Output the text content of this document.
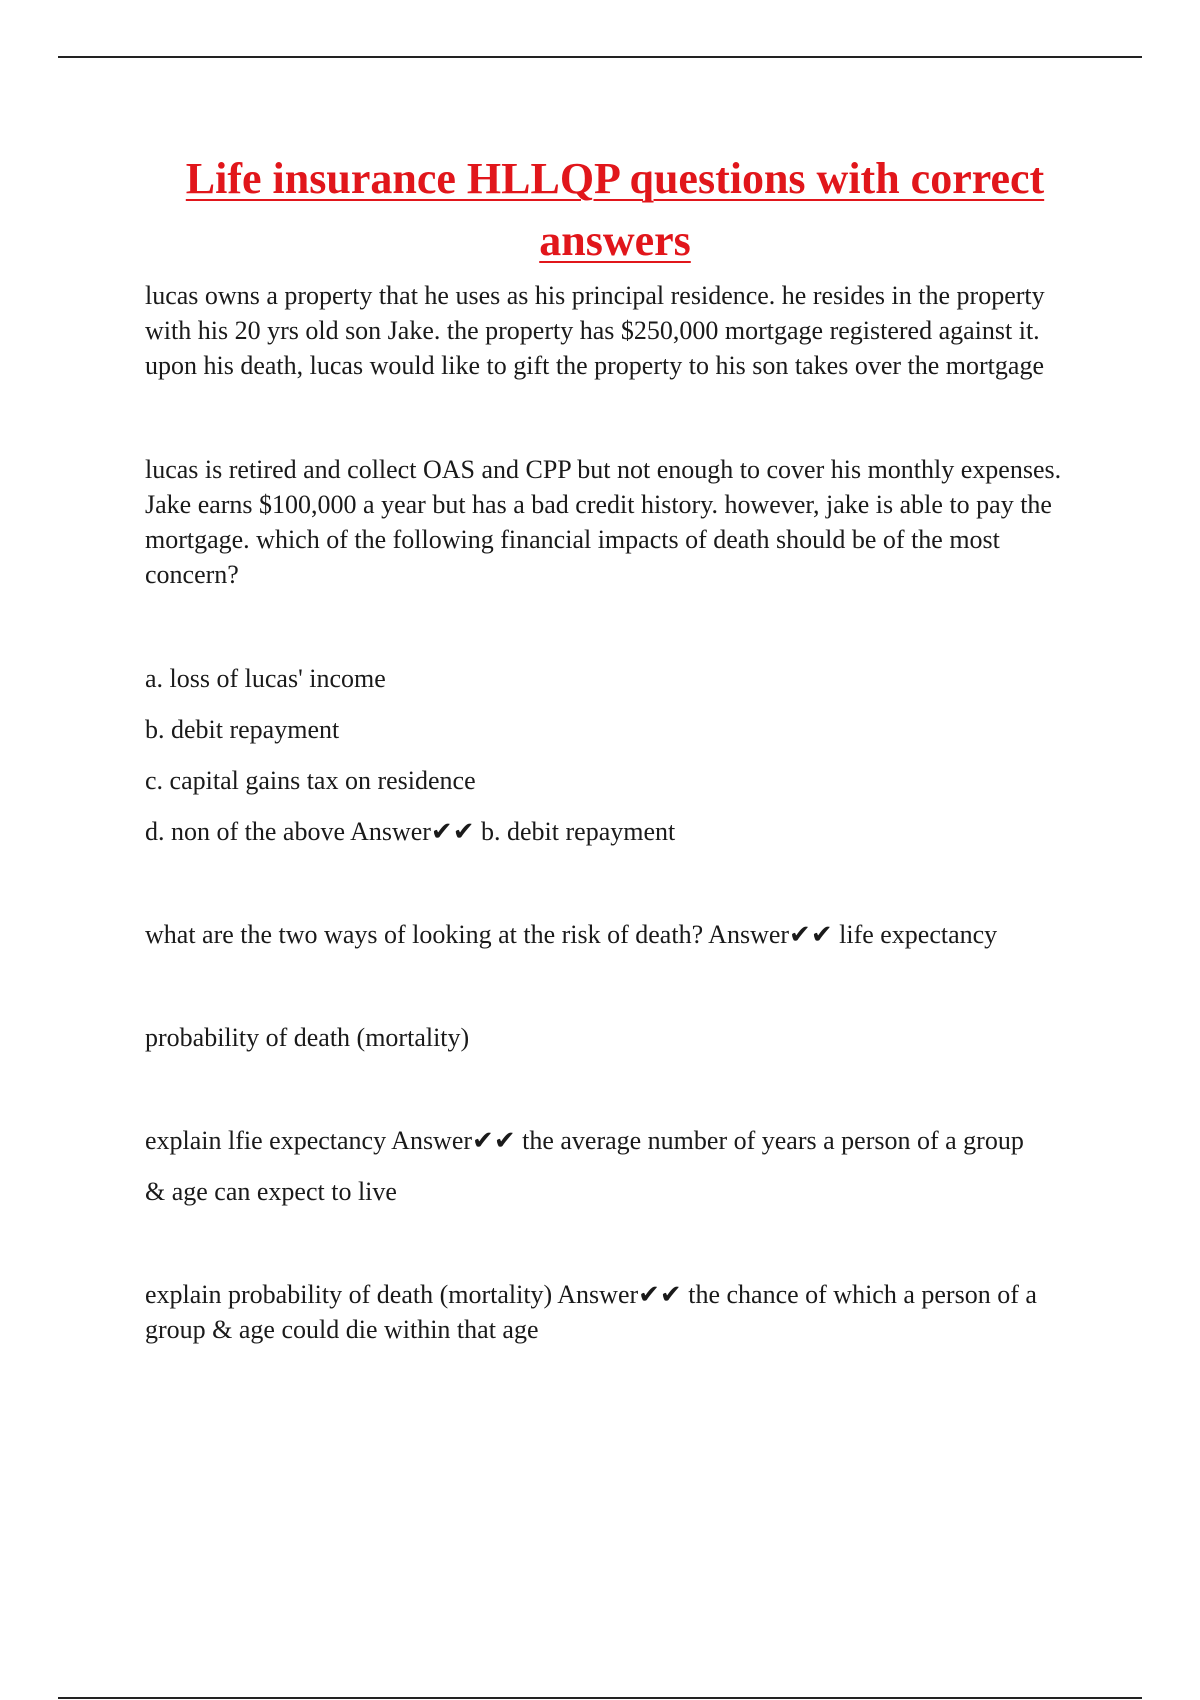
Life insurance HLLQP questions with correct answers

lucas owns a property that he uses as his principal residence. he resides in the property with his 20 yrs old son Jake. the property has $250,000 mortgage registered against it. upon his death, lucas would like to gift the property to his son takes over the mortgage

lucas is retired and collect OAS and CPP but not enough to cover his monthly expenses. Jake earns $100,000 a year but has a bad credit history. however, jake is able to pay the mortgage. which of the following financial impacts of death should be of the most concern?

a. loss of lucas' income

b. debit repayment

c. capital gains tax on residence

d. non of the above Answer✔✔ b. debit repayment

what are the two ways of looking at the risk of death? Answer✔✔ life expectancy

probability of death (mortality)

explain lfie expectancy Answer✔✔ the average number of years a person of a group

& age can expect to live

explain probability of death (mortality) Answer✔✔ the chance of which a person of a group & age could die within that age
